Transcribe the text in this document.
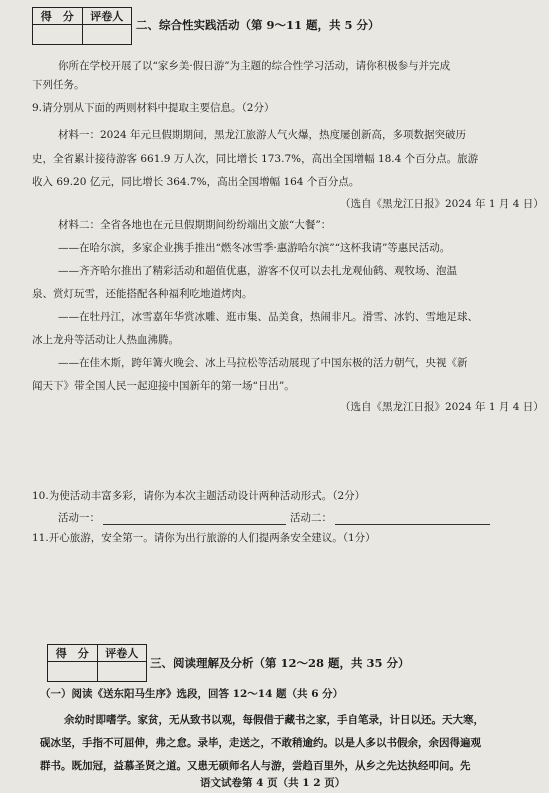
得　分	评卷人

二、综合性实践活动（第 9～11 题，共 5 分）
你所在学校开展了以“家乡美·假日游”为主题的综合性学习活动，请你积极参与并完成
下列任务。
9.请分别从下面的两则材料中提取主要信息。（2分）
材料一：2024 年元旦假期期间，黑龙江旅游人气火爆，热度屡创新高，多项数据突破历
史，全省累计接待游客 661.9 万人次，同比增长 173.7%，高出全国增幅 18.4 个百分点。旅游
收入 69.20 亿元，同比增长 364.7%，高出全国增幅 164 个百分点。
（选自《黑龙江日报》2024 年 1 月 4 日）
材料二：全省各地也在元旦假期期间纷纷端出文旅“大餐”：
——在哈尔滨，多家企业携手推出“燃冬冰雪季·惠游哈尔滨”“这杯我请”等惠民活动。
——齐齐哈尔推出了精彩活动和超值优惠，游客不仅可以去扎龙观仙鹤、观牧场、泡温
泉、赏灯玩雪，还能搭配各种福利吃地道烤肉。
——在牡丹江，冰雪嘉年华赏冰雕、逛市集、品美食，热闹非凡。滑雪、冰钓、雪地足球、
冰上龙舟等活动让人热血沸腾。
——在佳木斯，跨年篝火晚会、冰上马拉松等活动展现了中国东极的活力朝气，央视《新
闻天下》带全国人民一起迎接中国新年的第一场“日出”。
（选自《黑龙江日报》2024 年 1 月 4 日）
10.为使活动丰富多彩，请你为本次主题活动设计两种活动形式。（2分）
活动一：	活动二：
11.开心旅游，安全第一。请你为出行旅游的人们提两条安全建议。（1分）
得　分	评卷人

三、阅读理解及分析（第 12～28 题，共 35 分）
（一）阅读《送东阳马生序》选段，回答 12～14 题（共 6 分）
余幼时即嗜学。家贫，无从致书以观，每假借于藏书之家，手自笔录，计日以还。天大寒，
砚冰坚，手指不可屈伸，弗之怠。录毕，走送之，不敢稍逾约。以是人多以书假余，余因得遍观
群书。既加冠，益慕圣贤之道。又患无硕师名人与游，尝趋百里外，从乡之先达执经叩问。先
语文试卷第 4 页（共 1 2 页）
